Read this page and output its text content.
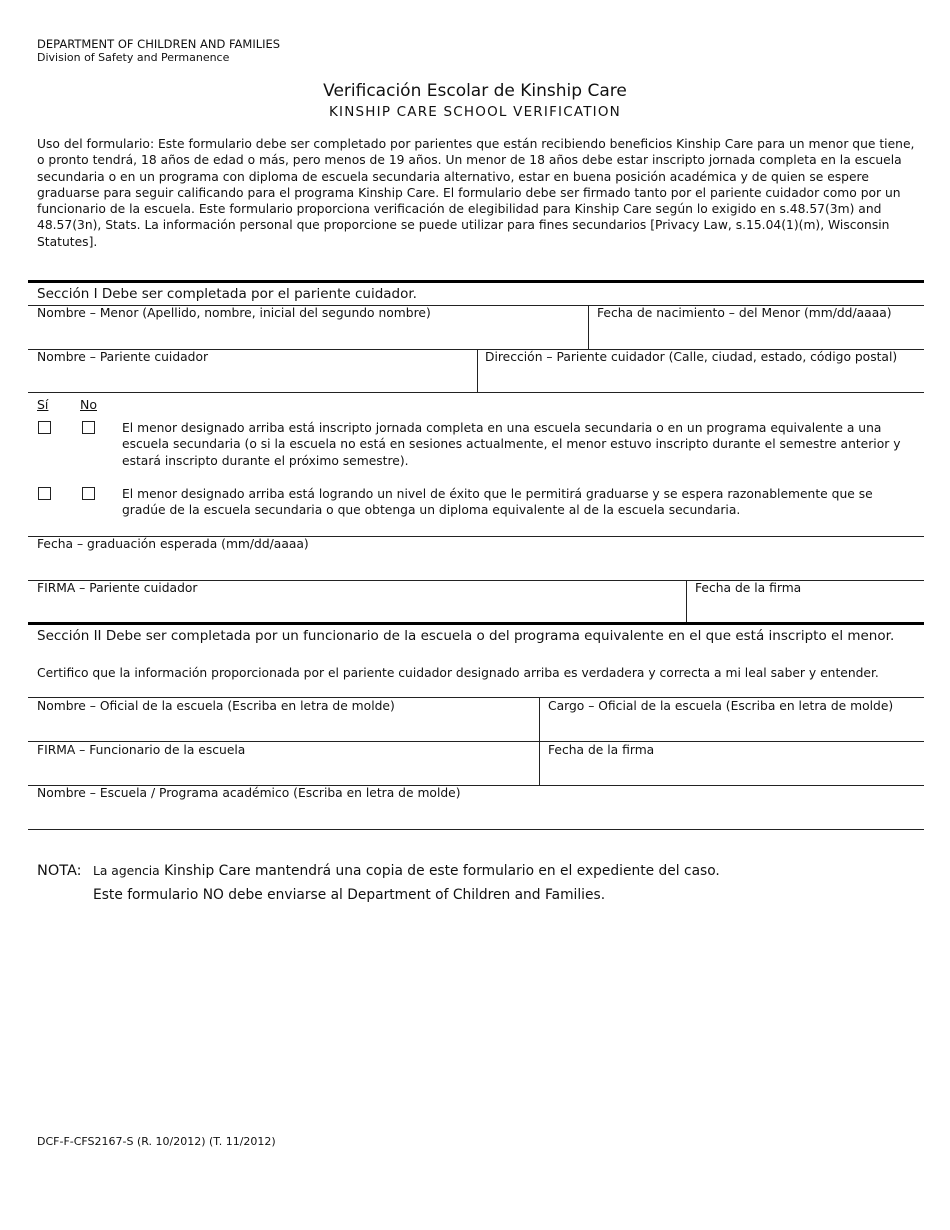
DEPARTMENT OF CHILDREN AND FAMILIES
Division of Safety and Permanence
Verificación Escolar de Kinship Care
KINSHIP CARE SCHOOL VERIFICATION
Uso del formulario: Este formulario debe ser completado por parientes que están recibiendo beneficios Kinship Care para un menor que tiene, o pronto tendrá, 18 años de edad o más, pero menos de 19 años. Un menor de 18 años debe estar inscripto jornada completa en la escuela secundaria o en un programa con diploma de escuela secundaria alternativo, estar en buena posición académica y de quien se espere graduarse para seguir calificando para el programa Kinship Care. El formulario debe ser firmado tanto por el pariente cuidador como por un funcionario de la escuela. Este formulario proporciona verificación de elegibilidad para Kinship Care según lo exigido en s.48.57(3m) and 48.57(3n), Stats. La información personal que proporcione se puede utilizar para fines secundarios [Privacy Law, s.15.04(1)(m), Wisconsin Statutes].
Sección I Debe ser completada por el pariente cuidador.
Nombre – Menor (Apellido, nombre, inicial del segundo nombre)	Fecha de nacimiento – del Menor (mm/dd/aaaa)
Nombre – Pariente cuidador	Dirección – Pariente cuidador (Calle, ciudad, estado, código postal)
Sí	No
El menor designado arriba está inscripto jornada completa en una escuela secundaria o en un programa equivalente a una escuela secundaria (o si la escuela no está en sesiones actualmente, el menor estuvo inscripto durante el semestre anterior y estará inscripto durante el próximo semestre).
El menor designado arriba está logrando un nivel de éxito que le permitirá graduarse y se espera razonablemente que se gradúe de la escuela secundaria o que obtenga un diploma equivalente al de la escuela secundaria.
Fecha – graduación esperada (mm/dd/aaaa)
FIRMA – Pariente cuidador	Fecha de la firma
Sección II Debe ser completada por un funcionario de la escuela o del programa equivalente en el que está inscripto el menor.
Certifico que la información proporcionada por el pariente cuidador designado arriba es verdadera y correcta a mi leal saber y entender.
Nombre – Oficial de la escuela (Escriba en letra de molde)	Cargo – Oficial de la escuela (Escriba en letra de molde)
FIRMA – Funcionario de la escuela	Fecha de la firma
Nombre – Escuela / Programa académico (Escriba en letra de molde)
NOTA: La agencia Kinship Care mantendrá una copia de este formulario en el expediente del caso.
Este formulario NO debe enviarse al Department of Children and Families.
DCF-F-CFS2167-S (R. 10/2012) (T. 11/2012)
